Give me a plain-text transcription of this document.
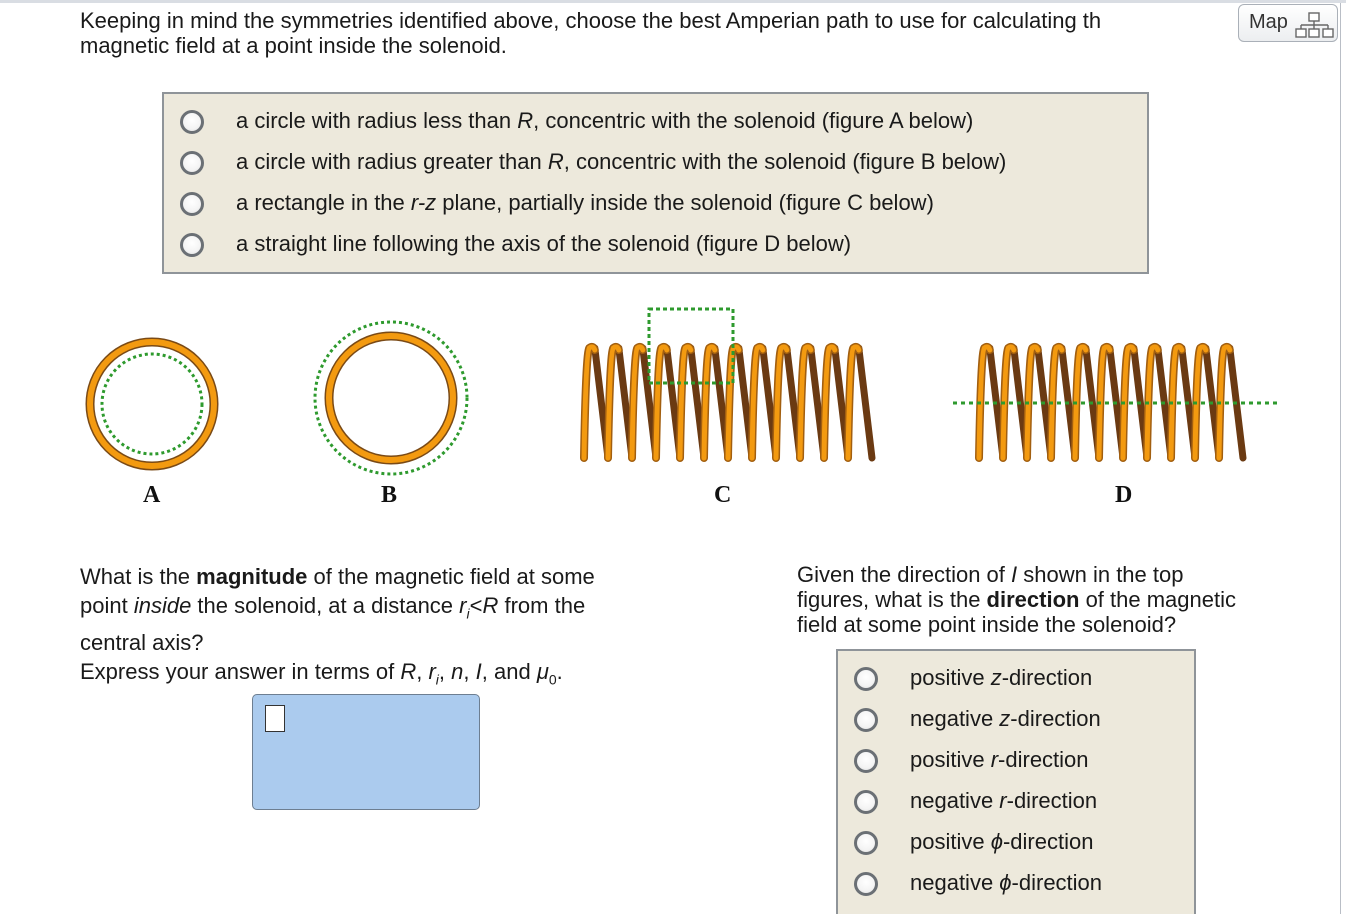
Keeping in mind the symmetries identified above, choose the best Amperian path to use for calculating th
magnetic field at a point inside the solenoid.
Map
a circle with radius less than R, concentric with the solenoid (figure A below)
a circle with radius greater than R, concentric with the solenoid (figure B below)
a rectangle in the r-z plane, partially inside the solenoid (figure C below)
a straight line following the axis of the solenoid (figure D below)
A	B	C	D
What is the magnitude of the magnetic field at some
point inside the solenoid, at a distance $r_i<R$ from the
central axis?
Express your answer in terms of R, $r_i$, n, I, and $\mu_0$.
Given the direction of I shown in the top
figures, what is the direction of the magnetic
field at some point inside the solenoid?
positive z-direction
negative z-direction
positive r-direction
negative r-direction
positive ϕ-direction
negative ϕ-direction
